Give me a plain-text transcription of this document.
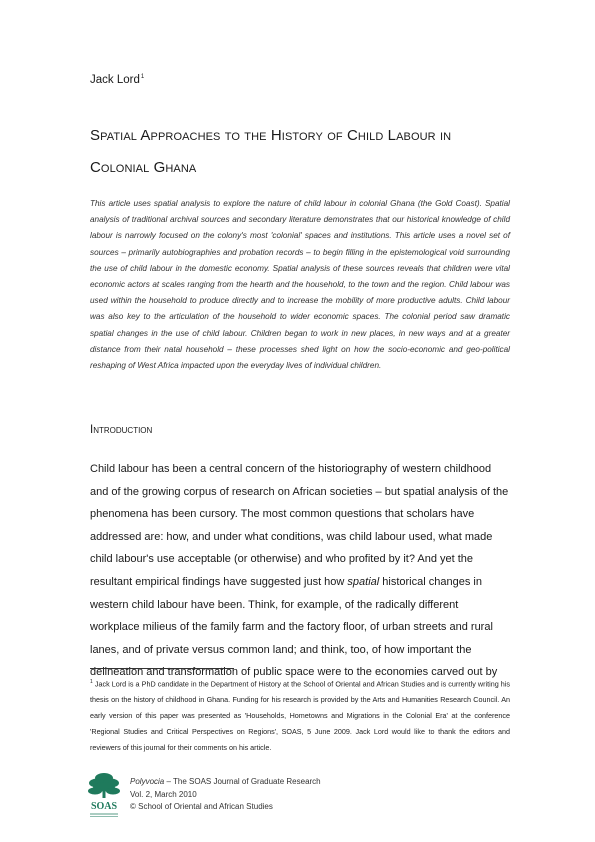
Jack Lord$^1$
Spatial Approaches to the History of Child Labour in
Colonial Ghana
This article uses spatial analysis to explore the nature of child labour in colonial Ghana (the Gold Coast). Spatial analysis of traditional archival sources and secondary literature demonstrates that our historical knowledge of child labour is narrowly focused on the colony's most 'colonial' spaces and institutions. This article uses a novel set of sources – primarily autobiographies and probation records – to begin filling in the epistemological void surrounding the use of child labour in the domestic economy. Spatial analysis of these sources reveals that children were vital economic actors at scales ranging from the hearth and the household, to the town and the region. Child labour was used within the household to produce directly and to increase the mobility of more productive adults. Child labour was also key to the articulation of the household to wider economic spaces. The colonial period saw dramatic spatial changes in the use of child labour. Children began to work in new places, in new ways and at a greater distance from their natal household – these processes shed light on how the socio-economic and geo-political reshaping of West Africa impacted upon the everyday lives of individual children.
Introduction
Child labour has been a central concern of the historiography of western childhood and of the growing corpus of research on African societies – but spatial analysis of the phenomena has been cursory. The most common questions that scholars have addressed are: how, and under what conditions, was child labour used, what made child labour's use acceptable (or otherwise) and who profited by it? And yet the resultant empirical findings have suggested just how spatial historical changes in western child labour have been. Think, for example, of the radically different workplace milieus of the family farm and the factory floor, of urban streets and rural lanes, and of private versus common land; and think, too, of how important the delineation and transformation of public space were to the economies carved out by
$^1$ Jack Lord is a PhD candidate in the Department of History at the School of Oriental and African Studies and is currently writing his thesis on the history of childhood in Ghana. Funding for his research is provided by the Arts and Humanities Research Council. An early version of this paper was presented as 'Households, Hometowns and Migrations in the Colonial Era' at the conference 'Regional Studies and Critical Perspectives on Regions', SOAS, 5 June 2009. Jack Lord would like to thank the editors and reviewers of this journal for their comments on his article.
SOAS
Polyvocia – The SOAS Journal of Graduate Research
Vol. 2, March 2010
© School of Oriental and African Studies
